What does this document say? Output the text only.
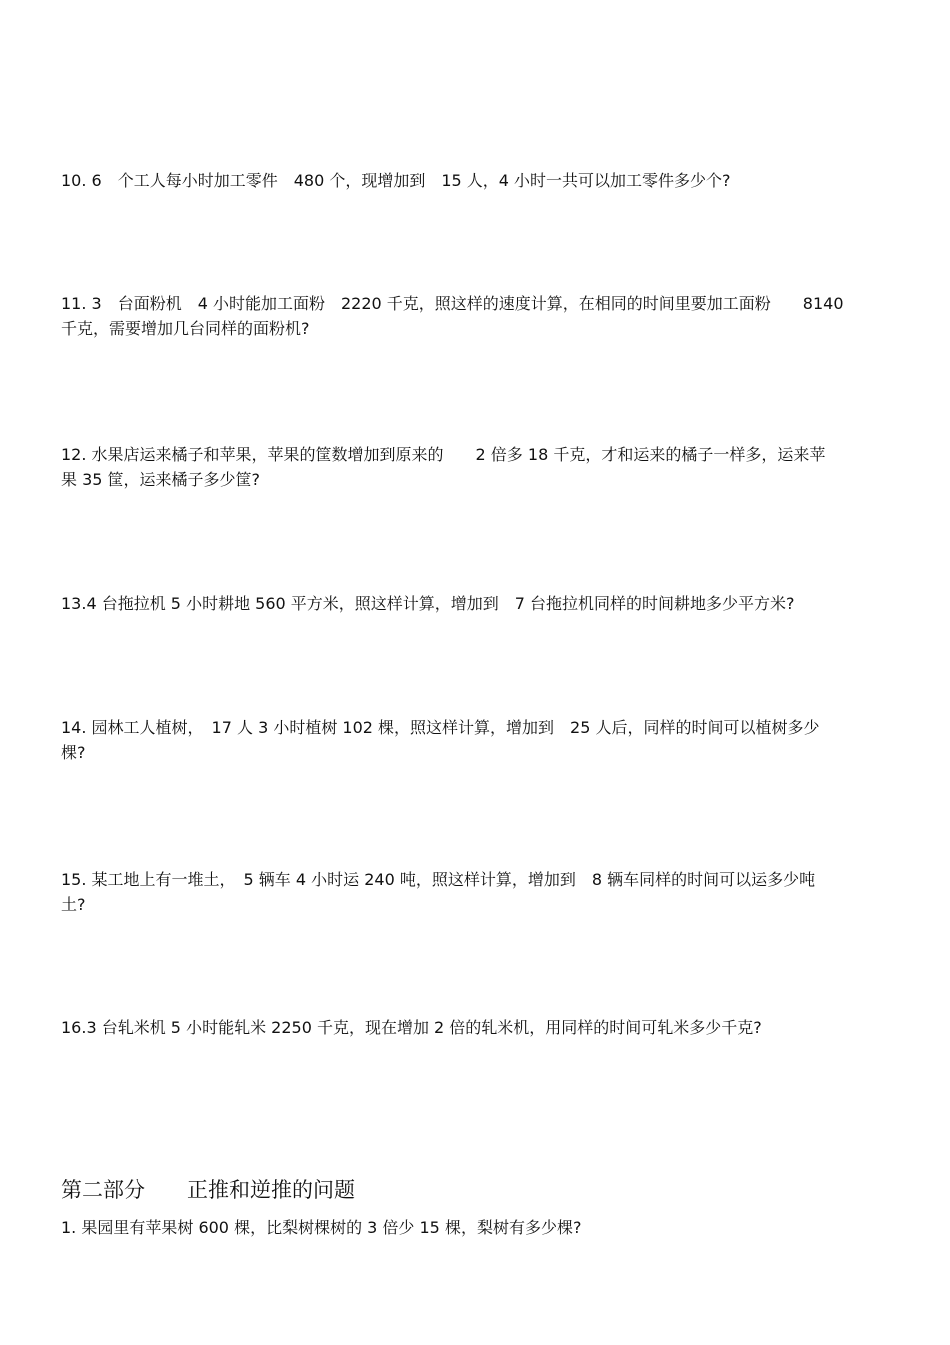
10. 6　个工人每小时加工零件　480 个，现增加到　15 人，4 小时一共可以加工零件多少个?
11. 3　台面粉机　4 小时能加工面粉　2220 千克，照这样的速度计算，在相同的时间里要加工面粉　　8140
千克，需要增加几台同样的面粉机?
12. 水果店运来橘子和苹果，苹果的筐数增加到原来的　　2 倍多 18 千克，才和运来的橘子一样多，运来苹
果 35 筐，运来橘子多少筐?
13.4 台拖拉机 5 小时耕地 560 平方米，照这样计算，增加到　7 台拖拉机同样的时间耕地多少平方米?
14. 园林工人植树，　17 人 3 小时植树 102 棵，照这样计算，增加到　25 人后，同样的时间可以植树多少
棵?
15. 某工地上有一堆土，　5 辆车 4 小时运 240 吨，照这样计算，增加到　8 辆车同样的时间可以运多少吨
土?
16.3 台轧米机 5 小时能轧米 2250 千克，现在增加 2 倍的轧米机，用同样的时间可轧米多少千克?
第二部分　　正推和逆推的问题
1. 果园里有苹果树 600 棵，比梨树棵树的 3 倍少 15 棵，梨树有多少棵?
